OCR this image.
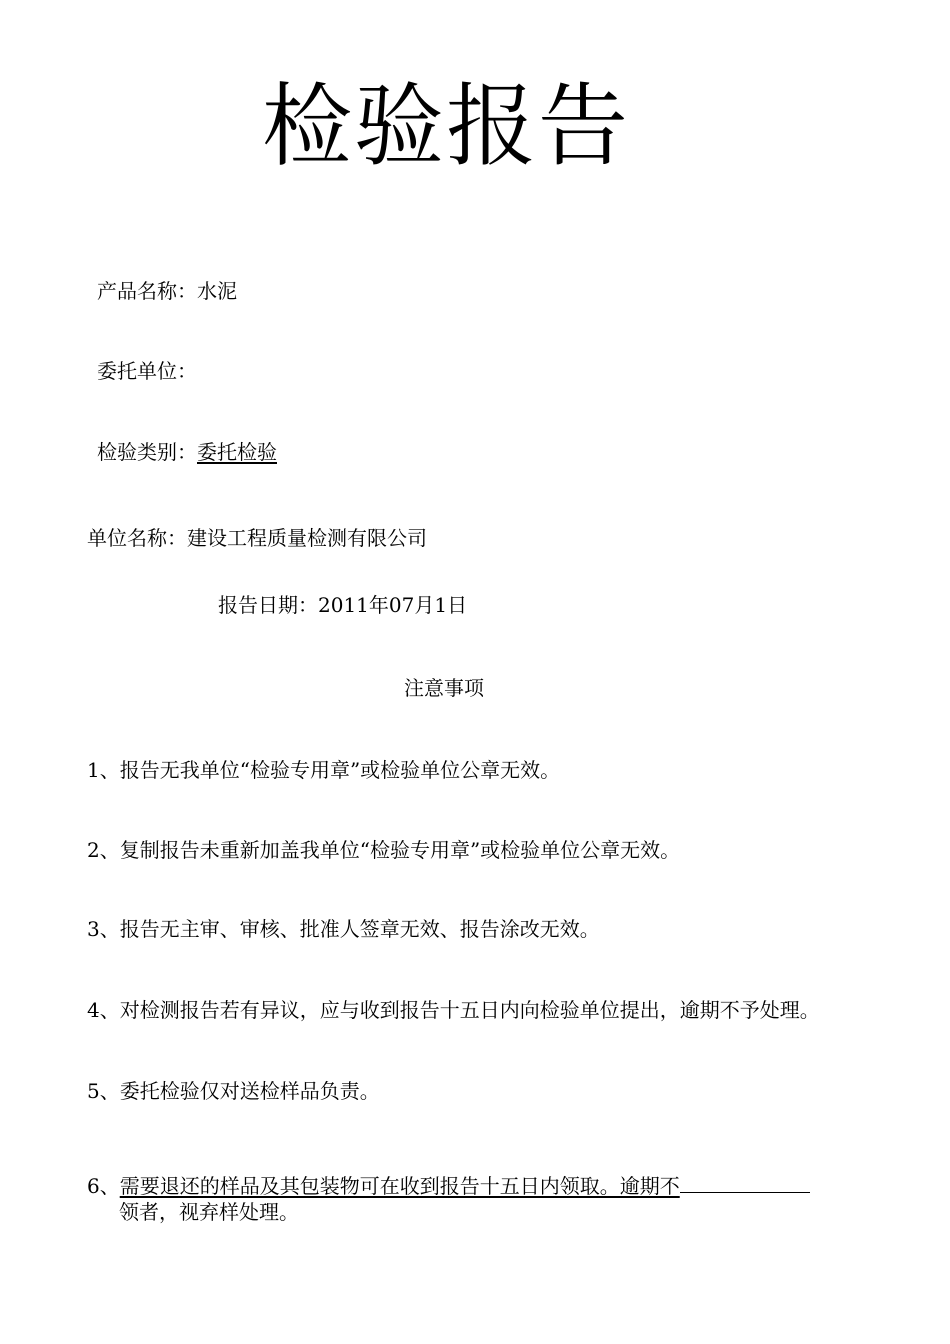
检验报告
产品名称：水泥
委托单位：
检验类别：委托检验
单位名称：建设工程质量检测有限公司
报告日期：2011年07月1日
注意事项
1、报告无我单位“检验专用章”或检验单位公章无效。
2、复制报告未重新加盖我单位“检验专用章”或检验单位公章无效。
3、报告无主审、审核、批准人签章无效、报告涂改无效。
4、对检测报告若有异议，应与收到报告十五日内向检验单位提出，逾期不予处理。
5、委托检验仅对送检样品负责。
6、需要退还的样品及其包装物可在收到报告十五日内领取。逾期不
领者，视弃样处理。
